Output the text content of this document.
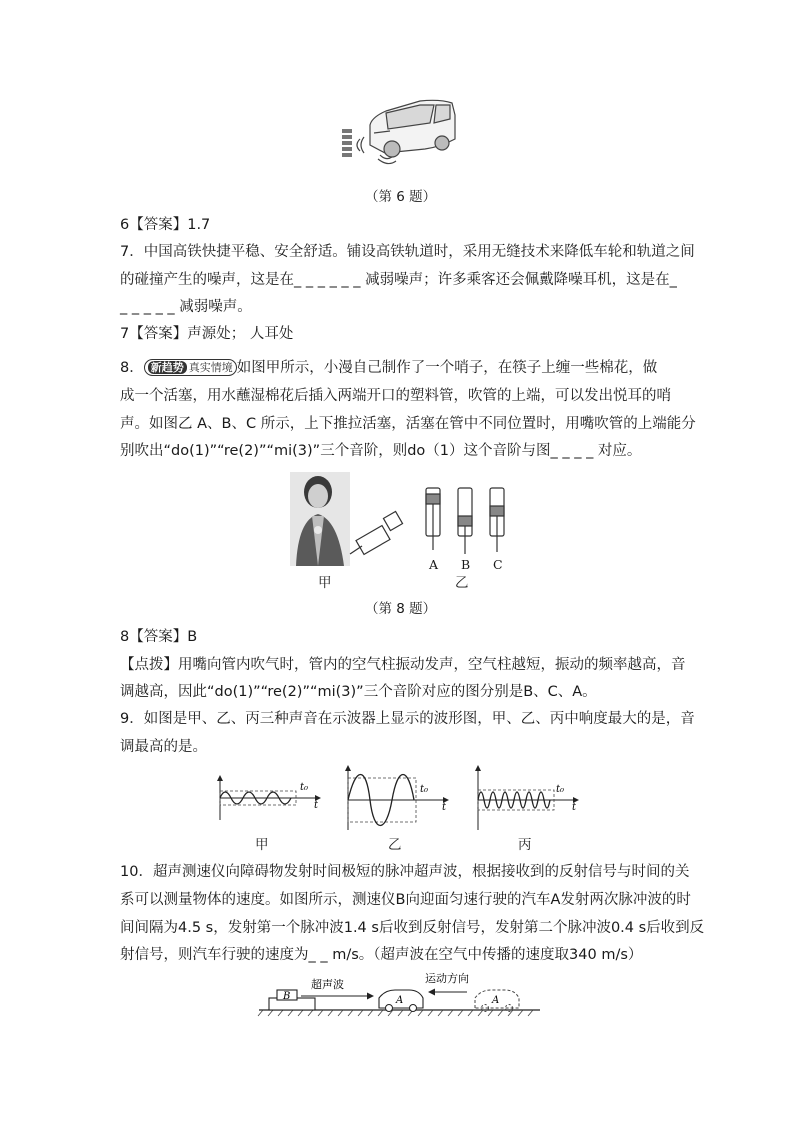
（第 6 题）
6【答案】1.7
7．中国高铁快捷平稳、安全舒适。铺设高铁轨道时，采用无缝技术来降低车轮和轨道之间
的碰撞产生的噪声，这是在_ _ _ _ _ _ 减弱噪声；许多乘客还会佩戴降噪耳机，这是在_
_ _ _ _ _ 减弱噪声。
7【答案】声源处； 人耳处
8． 新趋势 真实情境 如图甲所示，小漫自己制作了一个哨子，在筷子上缠一些棉花，做
成一个活塞，用水蘸湿棉花后插入两端开口的塑料管，吹管的上端，可以发出悦耳的哨
声。如图乙 A、B、C 所示，上下推拉活塞，活塞在管中不同位置时，用嘴吹管的上端能分
别吹出“do(1)”“re(2)”“mi(3)”三个音阶，则do（1）这个音阶与图_ _ _ _ 对应。
A B C
甲	乙
（第 8 题）
8【答案】B
【点拨】用嘴向管内吹气时，管内的空气柱振动发声，空气柱越短，振动的频率越高，音
调越高，因此“do(1)”“re(2)”“mi(3)”三个音阶对应的图分别是B、C、A。
9．如图是甲、乙、丙三种声音在示波器上显示的波形图，甲、乙、丙中响度最大的是，音
调最高的是。
t₀
t
t₀
t
t₀
t
甲	乙	丙
10．超声测速仪向障碍物发射时间极短的脉冲超声波，根据接收到的反射信号与时间的关
系可以测量物体的速度。如图所示，测速仪B向迎面匀速行驶的汽车A发射两次脉冲波的时
间间隔为4.5 s，发射第一个脉冲波1.4 s后收到反射信号，发射第二个脉冲波0.4 s后收到反
射信号，则汽车行驶的速度为_ _ m/s。（超声波在空气中传播的速度取340 m/s）
B
超声波
A
运动方向
A
